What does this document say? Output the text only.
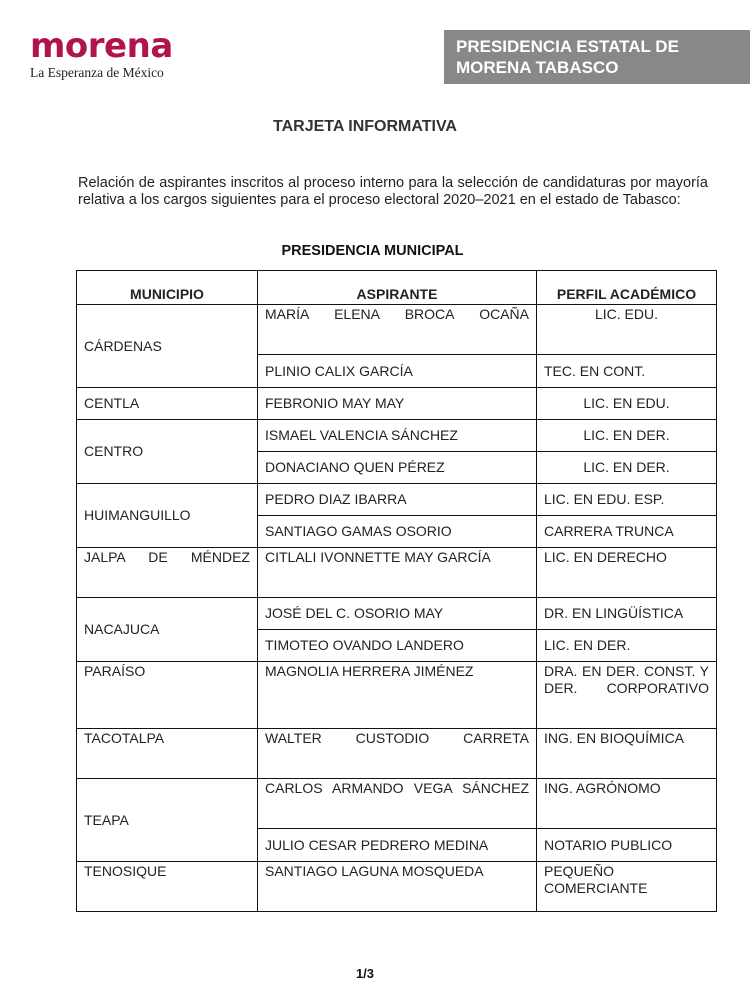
morena
La Esperanza de México
PRESIDENCIA ESTATAL DE
MORENA TABASCO
TARJETA INFORMATIVA
Relación de aspirantes inscritos al proceso interno para la selección de candidaturas por mayoría relativa a los cargos siguientes para el proceso electoral 2020–2021 en el estado de Tabasco:
PRESIDENCIA MUNICIPAL
MUNICIPIO	ASPIRANTE	PERFIL ACADÉMICO
CÁRDENAS	MARÍA ELENA BROCA OCAÑA	LIC. EDU.
	PLINIO CALIX GARCÍA	TEC. EN CONT.
CENTLA	FEBRONIO MAY MAY	LIC. EN EDU.
CENTRO	ISMAEL VALENCIA SÁNCHEZ	LIC. EN DER.
	DONACIANO QUEN PÉREZ	LIC. EN DER.
HUIMANGUILLO	PEDRO DIAZ IBARRA	LIC. EN EDU. ESP.
	SANTIAGO GAMAS OSORIO	CARRERA TRUNCA
JALPA DE MÉNDEZ	CITLALI IVONNETTE MAY GARCÍA	LIC. EN DERECHO
NACAJUCA	JOSÉ DEL C. OSORIO MAY	DR. EN LINGÜÍSTICA
	TIMOTEO OVANDO LANDERO	LIC. EN DER.
PARAÍSO	MAGNOLIA HERRERA JIMÉNEZ	DRA. EN DER. CONST. Y DER. CORPORATIVO
TACOTALPA	WALTER CUSTODIO CARRETA	ING. EN BIOQUÍMICA
TEAPA	CARLOS ARMANDO VEGA SÁNCHEZ	ING. AGRÓNOMO
	JULIO CESAR PEDRERO MEDINA	NOTARIO PUBLICO
TENOSIQUE	SANTIAGO LAGUNA MOSQUEDA	PEQUEÑO COMERCIANTE
1/3
